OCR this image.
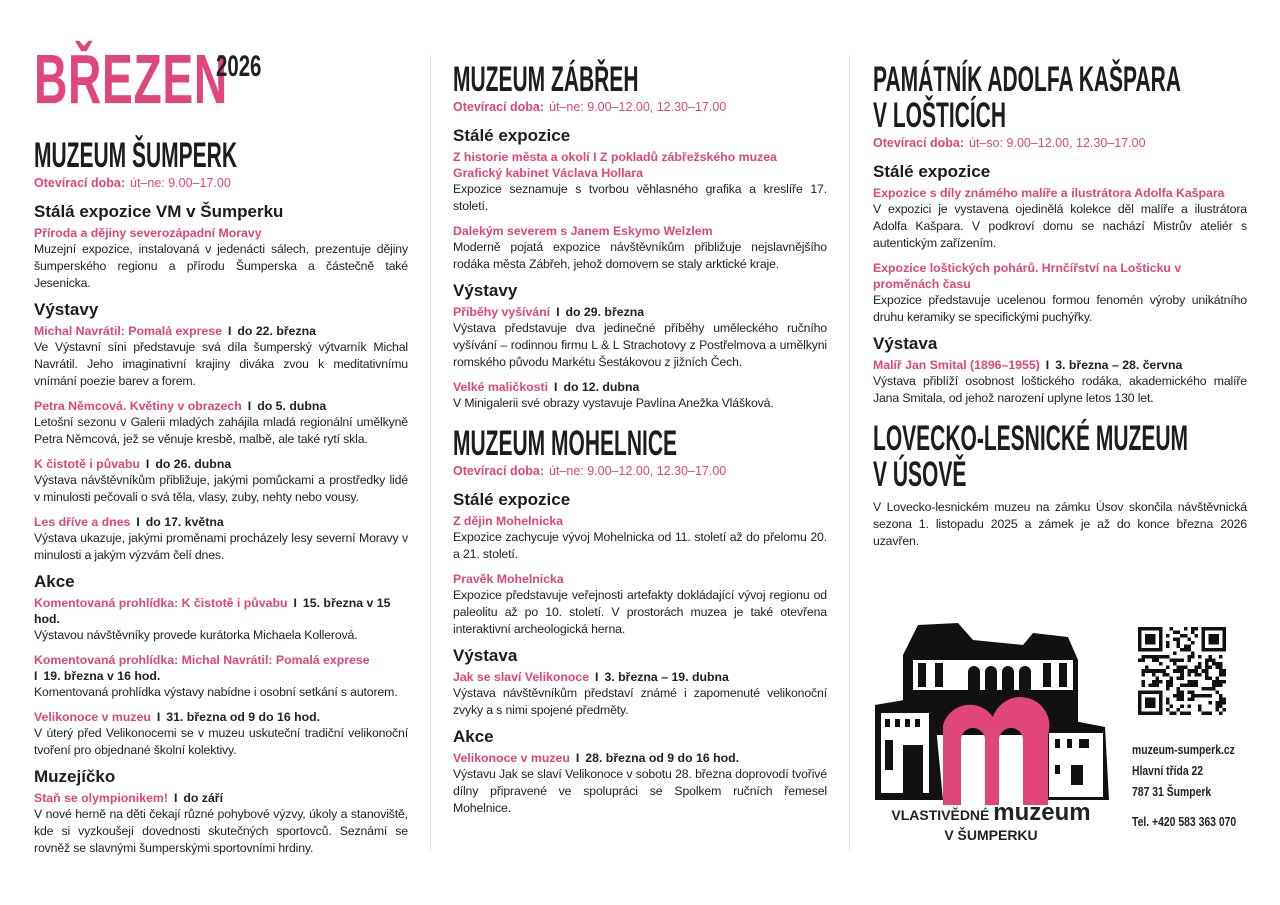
BŘEZEN
2026
MUZEUM ŠUMPERK
Otevírací doba: út–ne: 9.00–17.00
Stálá expozice VM v Šumperku
Příroda a dějiny severozápadní Moravy
Muzejní expozice, instalovaná v jedenácti sálech, prezentuje dějiny šumperského regionu a přírodu Šumperska a částečně také Jesenicka.
Výstavy
Michal Navrátil: Pomalá exprese I do 22. března
Ve Výstavní síni představuje svá díla šumperský výtvarník Michal Navrátil. Jeho imaginativní krajiny diváka zvou k meditativnímu vnímání poezie barev a forem.
Petra Němcová. Květiny v obrazech I do 5. dubna
Letošní sezonu v Galerii mladých zahájila mladá regionální umělkyně Petra Němcová, jež se věnuje kresbě, malbě, ale také rytí skla.
K čistotě i půvabu I do 26. dubna
Výstava návštěvníkům přibližuje, jakými pomůckami a prostředky lidé v minulosti pečovali o svá těla, vlasy, zuby, nehty nebo vousy.
Les dříve a dnes I do 17. května
Výstava ukazuje, jakými proměnami procházely lesy severní Moravy v minulosti a jakým výzvám čelí dnes.
Akce
Komentovaná prohlídka: K čistotě i půvabu I 15. března v 15 hod.
Výstavou návštěvníky provede kurátorka Michaela Kollerová.
Komentovaná prohlídka: Michal Navrátil: Pomalá exprese
I 19. března v 16 hod.
Komentovaná prohlídka výstavy nabídne i osobní setkání s autorem.
Velikonoce v muzeu I 31. března od 9 do 16 hod.
V úterý před Velikonocemi se v muzeu uskuteční tradiční velikonoční tvoření pro objednané školní kolektivy.
Muzejíčko
Staň se olympionikem! I do září
V nové herně na děti čekají různé pohybové výzvy, úkoly a stanoviště, kde si vyzkoušejí dovednosti skutečných sportovců. Seznámí se rovněž se slavnými šumperskými sportovními hrdiny.
MUZEUM ZÁBŘEH
Otevírací doba: út–ne: 9.00–12.00, 12.30–17.00
Stálé expozice
Z historie města a okolí I Z pokladů zábřežského muzea
Grafický kabinet Václava Hollara
Expozice seznamuje s tvorbou věhlasného grafika a kreslíře 17. století.
Dalekým severem s Janem Eskymo Welzlem
Moderně pojatá expozice návštěvníkům přibližuje nejslavnějšího rodáka města Zábřeh, jehož domovem se staly arktické kraje.
Výstavy
Příběhy vyšívání I do 29. března
Výstava představuje dva jedinečné příběhy uměleckého ručního vyšívání – rodinnou firmu L & L Strachotovy z Postřelmova a umělkyni romského původu Markétu Šestákovou z jižních Čech.
Velké maličkosti I do 12. dubna
V Minigalerii své obrazy vystavuje Pavlína Anežka Vlášková.
MUZEUM MOHELNICE
Otevírací doba: út–ne: 9.00–12.00, 12.30–17.00
Stálé expozice
Z dějin Mohelnicka
Expozice zachycuje vývoj Mohelnicka od 11. století až do přelomu 20. a 21. století.
Pravěk Mohelnicka
Expozice představuje veřejnosti artefakty dokládající vývoj regionu od paleolitu až po 10. století. V prostorách muzea je také otevřena interaktivní archeologická herna.
Výstava
Jak se slaví Velikonoce I 3. března – 19. dubna
Výstava návštěvníkům představí známé i zapomenuté velikonoční zvyky a s nimi spojené předměty.
Akce
Velikonoce v muzeu I 28. března od 9 do 16 hod.
Výstavu Jak se slaví Velikonoce v sobotu 28. března doprovodí tvořivé dílny připravené ve spolupráci se Spolkem ručních řemesel Mohelnice.
PAMÁTNÍK ADOLFA KAŠPARA
V LOŠTICÍCH
Otevírací doba: út–so: 9.00–12.00, 12.30–17.00
Stálé expozice
Expozice s díly známého malíře a ilustrátora Adolfa Kašpara
V expozici je vystavena ojedinělá kolekce děl malíře a ilustrátora Adolfa Kašpara. V podkroví domu se nachází Mistrův ateliér s autentickým zařízením.
Expozice loštických pohárů. Hrnčířství na Lošticku v proměnách času
Expozice představuje ucelenou formou fenomén výroby unikátního druhu keramiky se specifickými puchýřky.
Výstava
Malíř Jan Smital (1896–1955) I 3. března – 28. června
Výstava přiblíží osobnost loštického rodáka, akademického malíře Jana Smitala, od jehož narození uplyne letos 130 let.
LOVECKO-LESNICKÉ MUZEUM
V ÚSOVĚ
V Lovecko-lesnickém muzeu na zámku Úsov skončila návštěvnická sezona 1. listopadu 2025 a zámek je až do konce března 2026 uzavřen.
VLASTIVĚDNÉ muzeum
V ŠUMPERKU
muzeum-sumperk.cz
Hlavní třída 22
787 31 Šumperk
Tel. +420 583 363 070
